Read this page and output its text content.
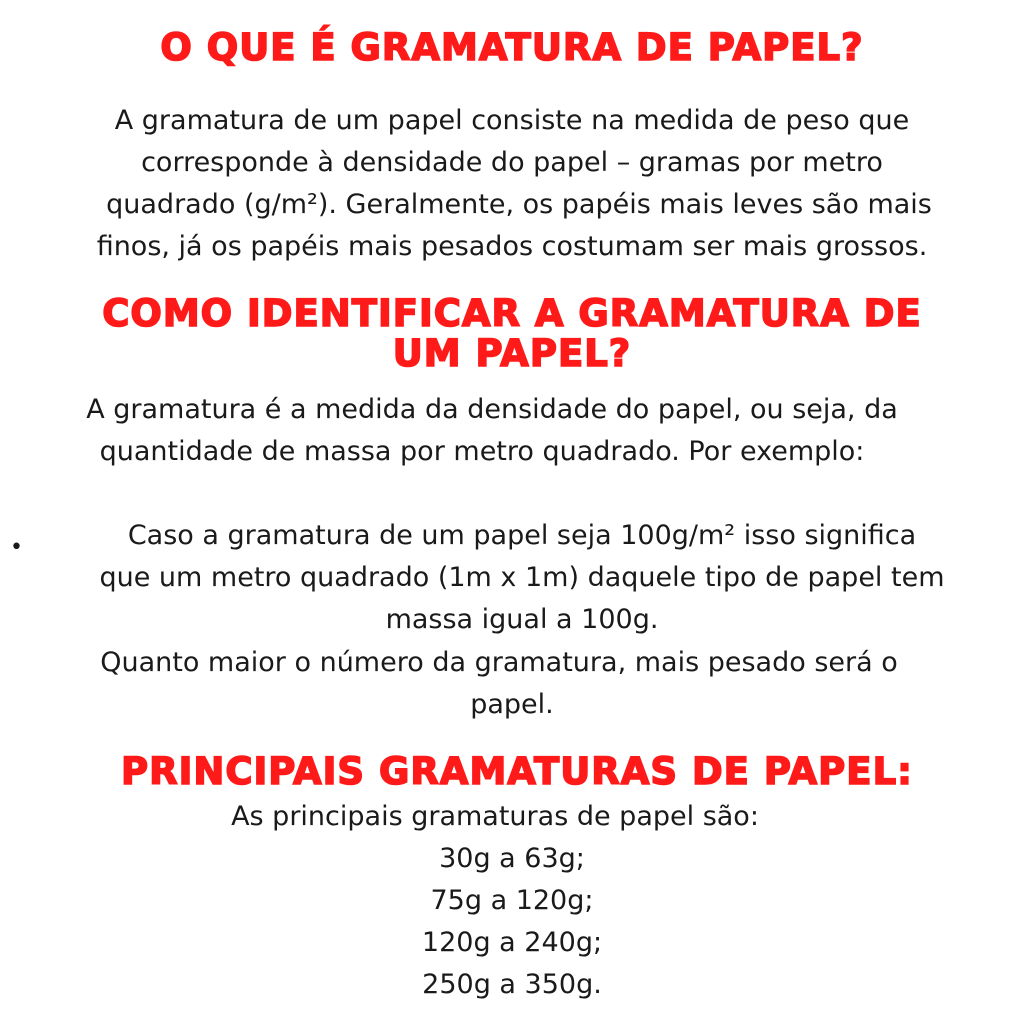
O QUE É GRAMATURA DE PAPEL?
A gramatura de um papel consiste na medida de peso que
corresponde à densidade do papel – gramas por metro
quadrado (g/m²). Geralmente, os papéis mais leves são mais
finos, já os papéis mais pesados costumam ser mais grossos.
COMO IDENTIFICAR A GRAMATURA DE
UM PAPEL?
A gramatura é a medida da densidade do papel, ou seja, da
quantidade de massa por metro quadrado. Por exemplo:
•	Caso a gramatura de um papel seja 100g/m² isso significa
que um metro quadrado (1m x 1m) daquele tipo de papel tem
massa igual a 100g.
Quanto maior o número da gramatura, mais pesado será o
papel.
PRINCIPAIS GRAMATURAS DE PAPEL:
As principais gramaturas de papel são:
30g a 63g;
75g a 120g;
120g a 240g;
250g a 350g.
